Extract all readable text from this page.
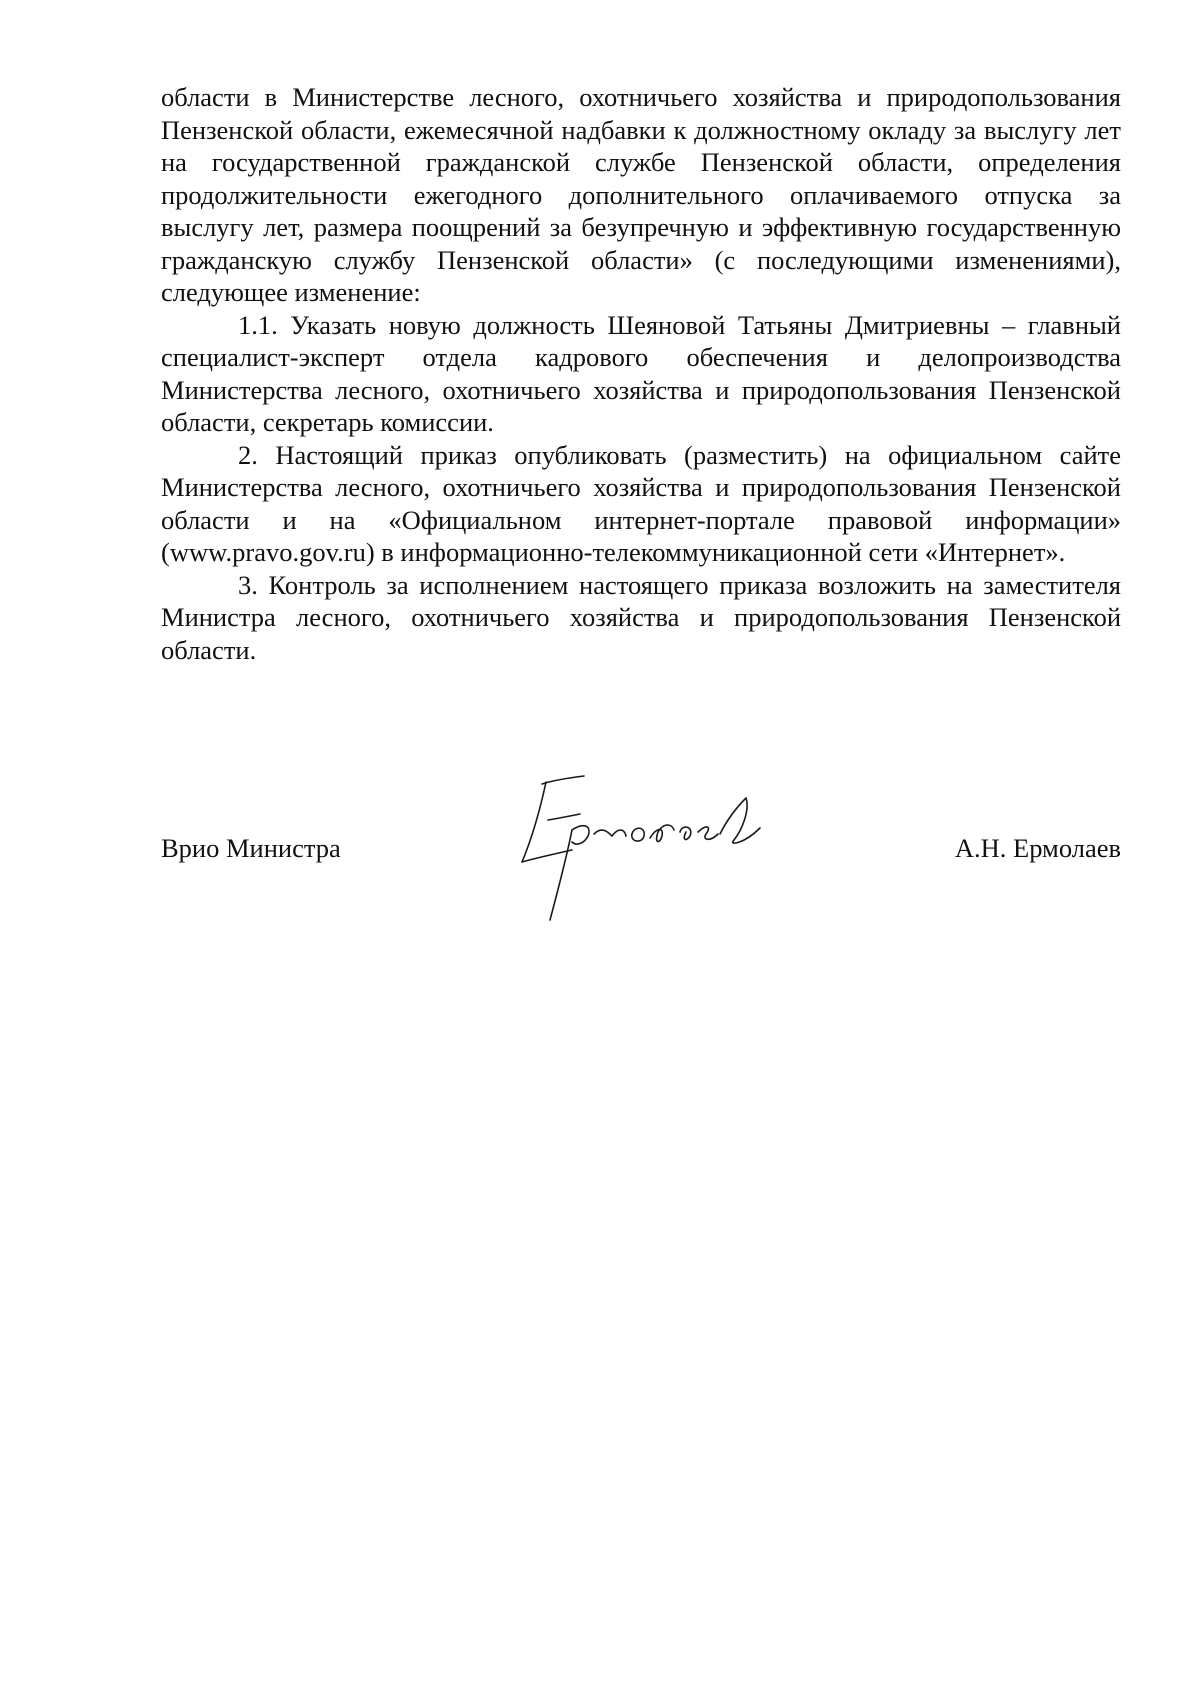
области в Министерстве лесного, охотничьего хозяйства и природопользования Пензенской области, ежемесячной надбавки к должностному окладу за выслугу лет на государственной гражданской службе Пензенской области, определения продолжительности ежегодного дополнительного оплачиваемого отпуска за выслугу лет, размера поощрений за безупречную и эффективную государственную гражданскую службу Пензенской области» (с последующими изменениями), следующее изменение:

1.1. Указать новую должность Шеяновой Татьяны Дмитриевны – главный специалист-эксперт отдела кадрового обеспечения и делопроизводства Министерства лесного, охотничьего хозяйства и природопользования Пензенской области, секретарь комиссии.

2. Настоящий приказ опубликовать (разместить) на официальном сайте Министерства лесного, охотничьего хозяйства и природопользования Пензенской области и на «Официальном интернет-портале правовой информации» (www.pravo.gov.ru) в информационно-телекоммуникационной сети «Интернет».

3. Контроль за исполнением настоящего приказа возложить на заместителя Министра лесного, охотничьего хозяйства и природопользования Пензенской области.

Врио Министра	А.Н. Ермолаев
